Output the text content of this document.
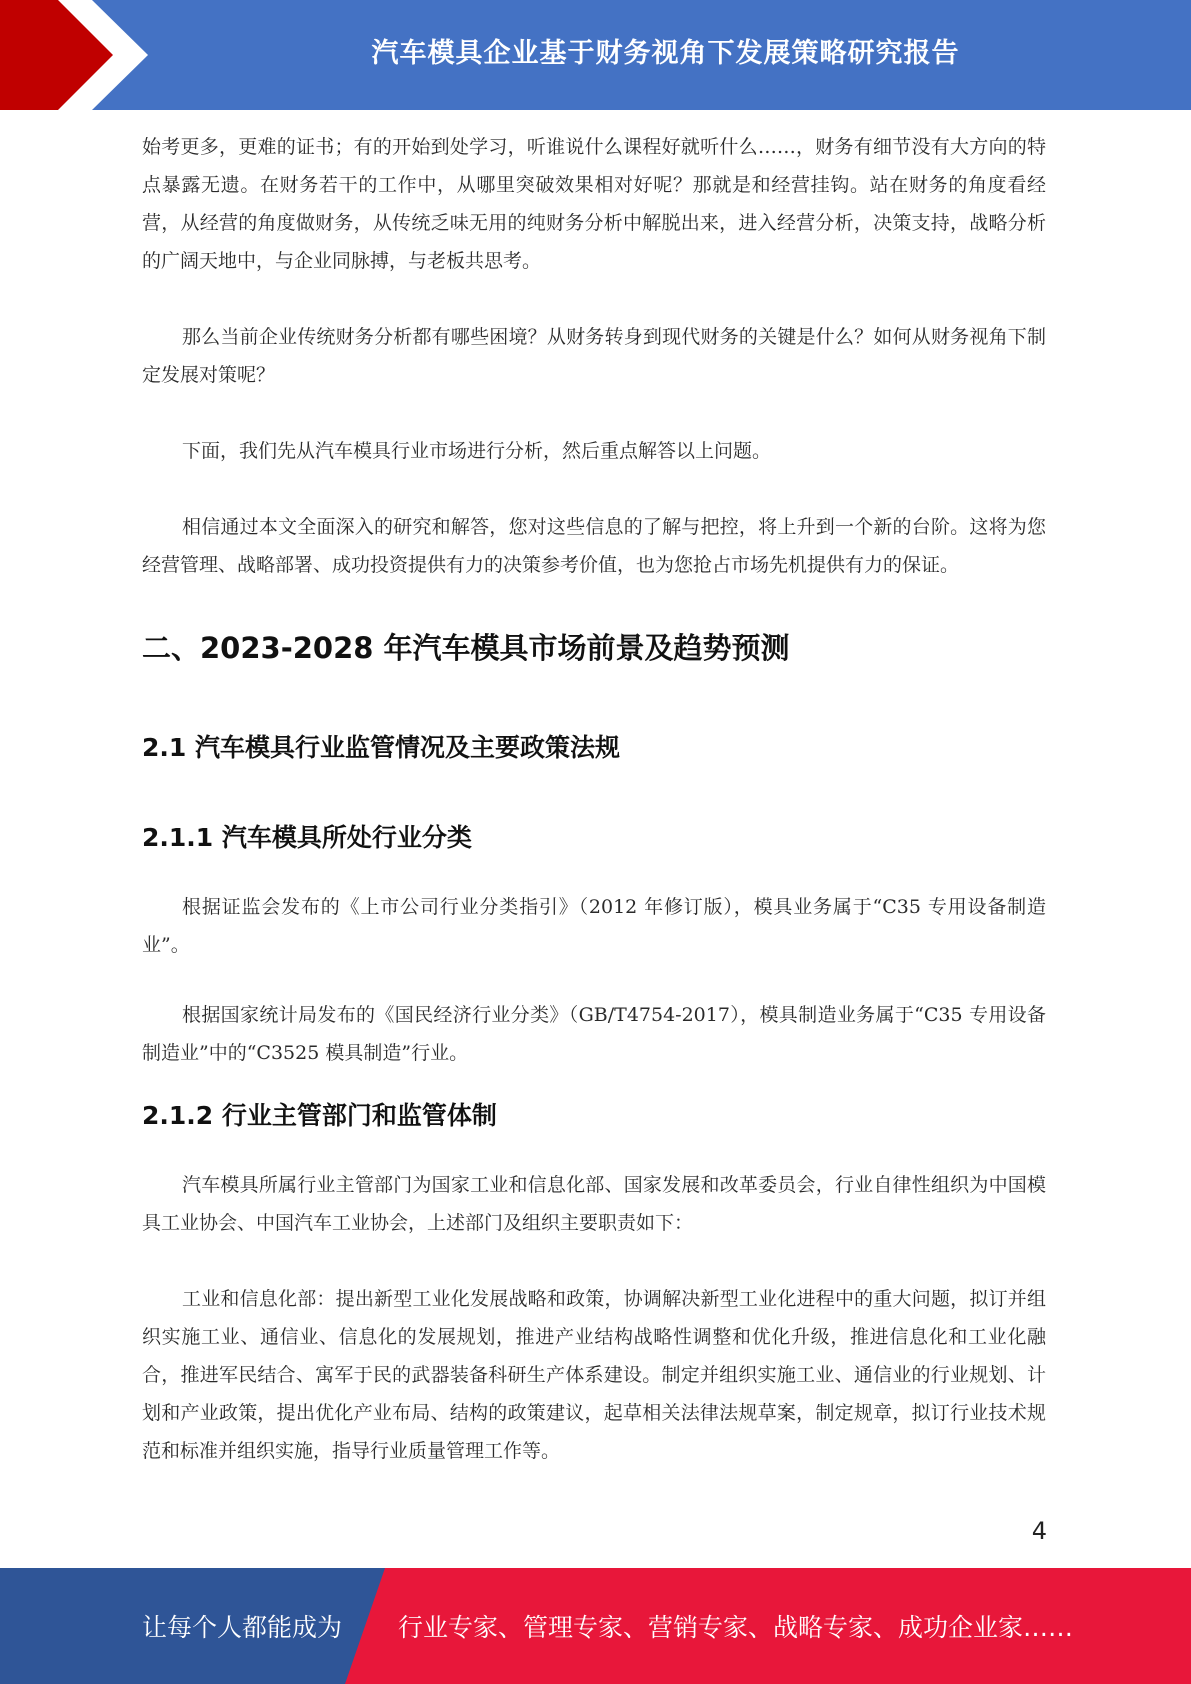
汽车模具企业基于财务视角下发展策略研究报告

始考更多，更难的证书；有的开始到处学习，听谁说什么课程好就听什么……，财务有细节没有大方向的特点暴露无遗。在财务若干的工作中，从哪里突破效果相对好呢？那就是和经营挂钩。站在财务的角度看经营，从经营的角度做财务，从传统乏味无用的纯财务分析中解脱出来，进入经营分析，决策支持，战略分析的广阔天地中，与企业同脉搏，与老板共思考。

那么当前企业传统财务分析都有哪些困境？从财务转身到现代财务的关键是什么？如何从财务视角下制定发展对策呢？

下面，我们先从汽车模具行业市场进行分析，然后重点解答以上问题。

相信通过本文全面深入的研究和解答，您对这些信息的了解与把控，将上升到一个新的台阶。这将为您经营管理、战略部署、成功投资提供有力的决策参考价值，也为您抢占市场先机提供有力的保证。

二、2023-2028 年汽车模具市场前景及趋势预测
2.1 汽车模具行业监管情况及主要政策法规
2.1.1 汽车模具所处行业分类

根据证监会发布的《上市公司行业分类指引》（2012 年修订版），模具业务属于“C35 专用设备制造业”。

根据国家统计局发布的《国民经济行业分类》（GB/T4754-2017），模具制造业务属于“C35 专用设备制造业”中的“C3525 模具制造”行业。

2.1.2 行业主管部门和监管体制

汽车模具所属行业主管部门为国家工业和信息化部、国家发展和改革委员会，行业自律性组织为中国模具工业协会、中国汽车工业协会，上述部门及组织主要职责如下：

工业和信息化部：提出新型工业化发展战略和政策，协调解决新型工业化进程中的重大问题，拟订并组织实施工业、通信业、信息化的发展规划，推进产业结构战略性调整和优化升级，推进信息化和工业化融合，推进军民结合、寓军于民的武器装备科研生产体系建设。制定并组织实施工业、通信业的行业规划、计划和产业政策，提出优化产业布局、结构的政策建议，起草相关法律法规草案，制定规章，拟订行业技术规范和标准并组织实施，指导行业质量管理工作等。

4
让每个人都能成为 行业专家、管理专家、营销专家、战略专家、成功企业家……
